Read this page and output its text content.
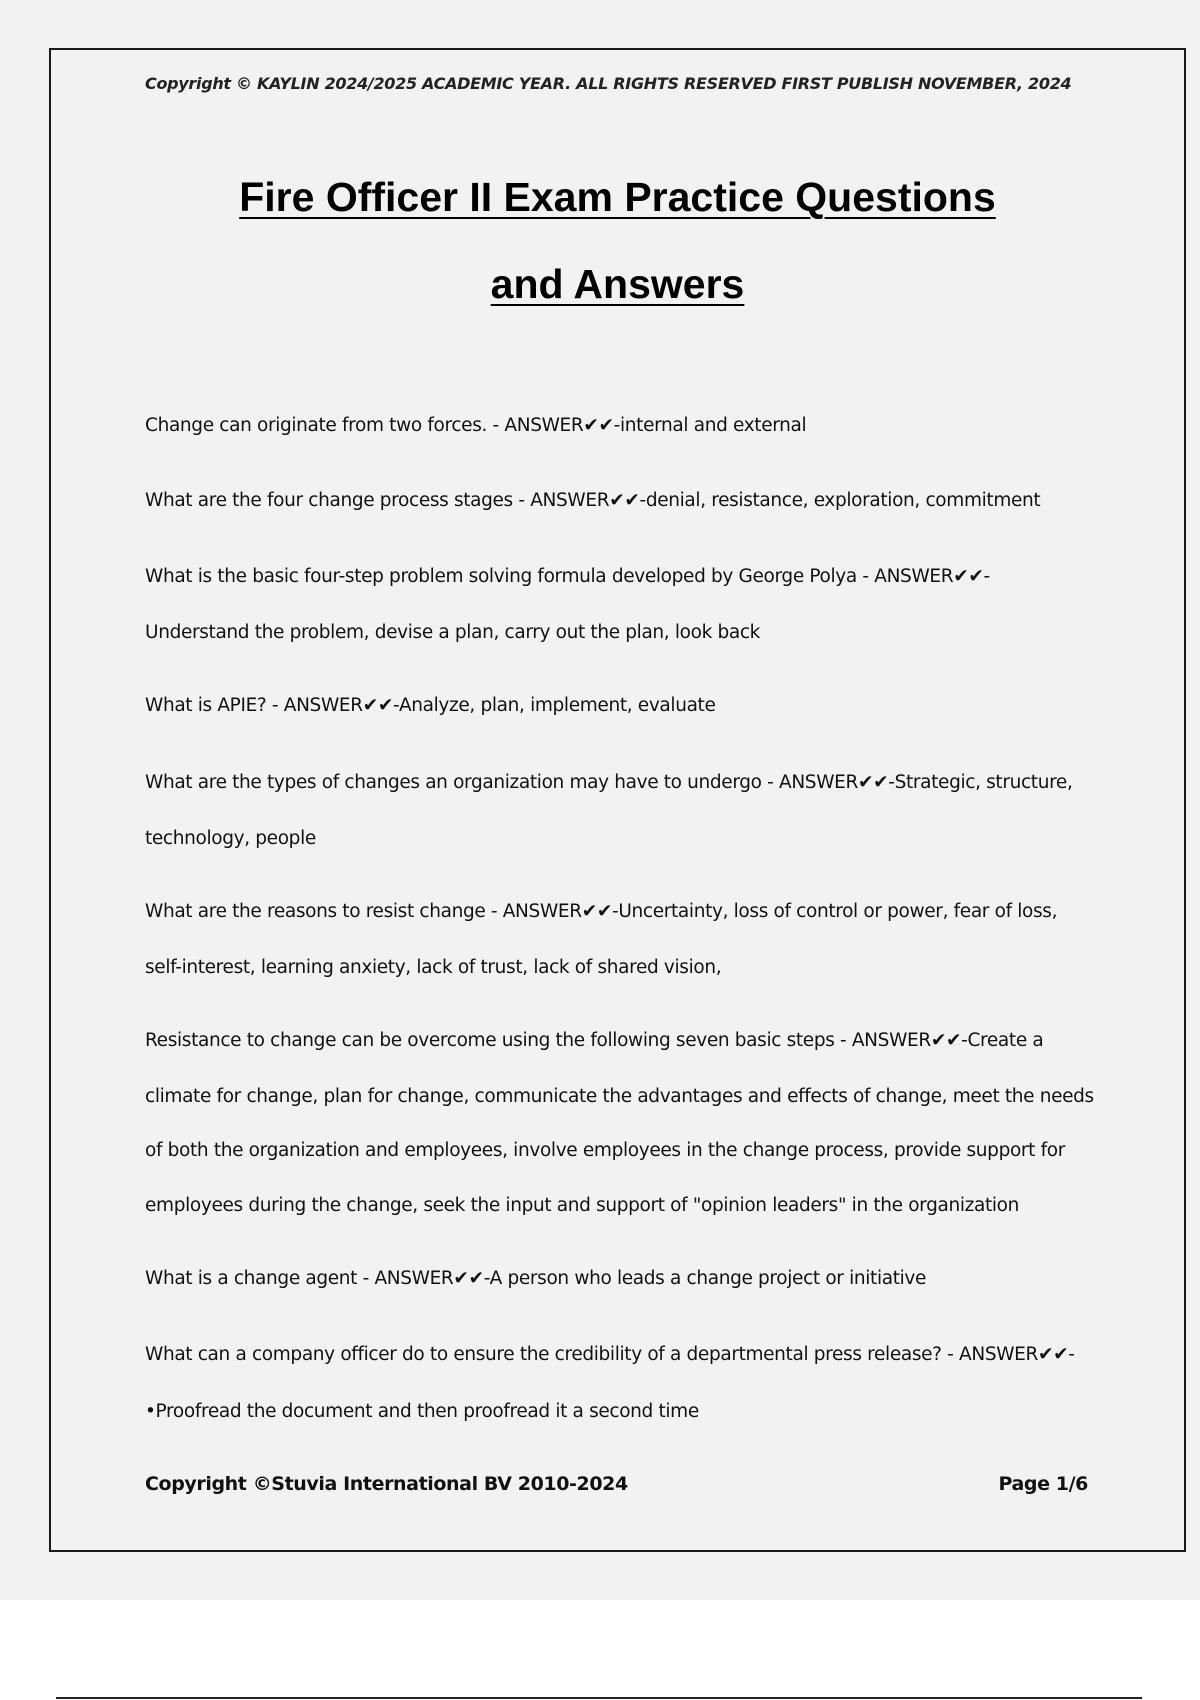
Copyright © KAYLIN 2024/2025 ACADEMIC YEAR. ALL RIGHTS RESERVED FIRST PUBLISH NOVEMBER, 2024
Fire Officer II Exam Practice Questions
and Answers
Change can originate from two forces. - ANSWER✔✔-internal and external
What are the four change process stages - ANSWER✔✔-denial, resistance, exploration, commitment
What is the basic four-step problem solving formula developed by George Polya - ANSWER✔✔-
Understand the problem, devise a plan, carry out the plan, look back
What is APIE? - ANSWER✔✔-Analyze, plan, implement, evaluate
What are the types of changes an organization may have to undergo - ANSWER✔✔-Strategic, structure,
technology, people
What are the reasons to resist change - ANSWER✔✔-Uncertainty, loss of control or power, fear of loss,
self-interest, learning anxiety, lack of trust, lack of shared vision,
Resistance to change can be overcome using the following seven basic steps - ANSWER✔✔-Create a
climate for change, plan for change, communicate the advantages and effects of change, meet the needs
of both the organization and employees, involve employees in the change process, provide support for
employees during the change, seek the input and support of "opinion leaders" in the organization
What is a change agent - ANSWER✔✔-A person who leads a change project or initiative
What can a company officer do to ensure the credibility of a departmental press release? - ANSWER✔✔-
•Proofread the document and then proofread it a second time
Copyright ©Stuvia International BV 2010-2024	Page 1/6
